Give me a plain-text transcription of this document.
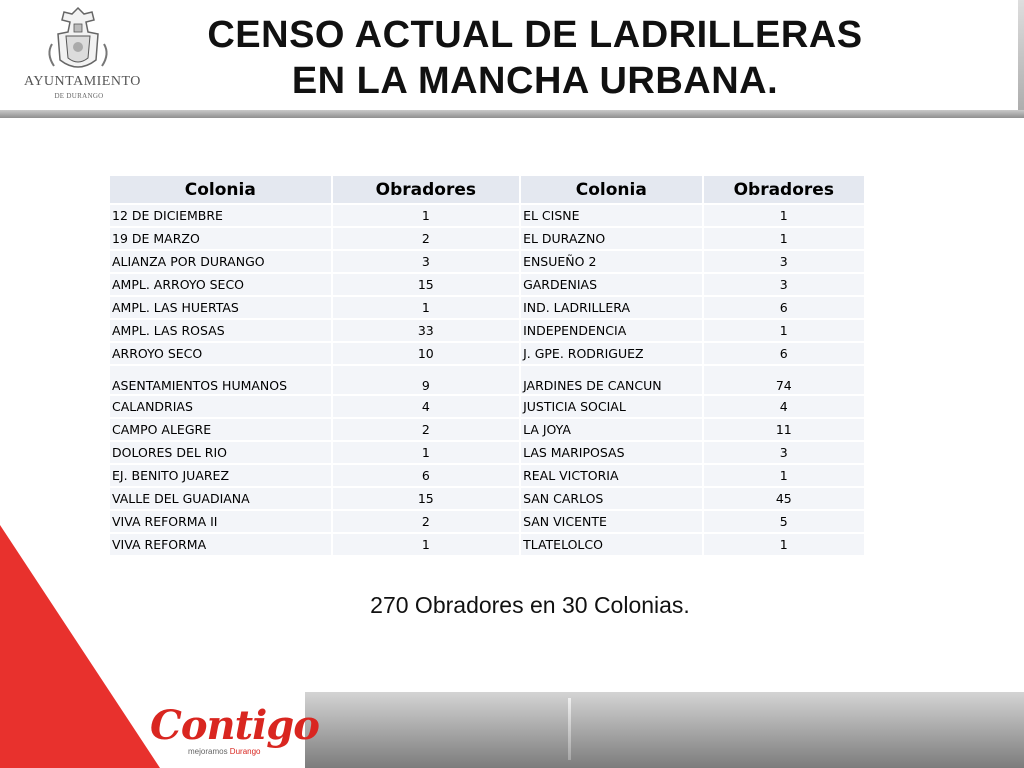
AYUNTAMIENTO
DE DURANGO
CENSO ACTUAL DE LADRILLERAS
EN LA MANCHA URBANA.
Colonia	Obradores	Colonia	Obradores
12 DE DICIEMBRE	1	EL CISNE	1
19 DE MARZO	2	EL DURAZNO	1
ALIANZA POR DURANGO	3	ENSUEÑO 2	3
AMPL. ARROYO SECO	15	GARDENIAS	3
AMPL. LAS HUERTAS	1	IND. LADRILLERA	6
AMPL. LAS ROSAS	33	INDEPENDENCIA	1
ARROYO SECO	10	J. GPE. RODRIGUEZ	6
ASENTAMIENTOS HUMANOS	9	JARDINES DE CANCUN	74
CALANDRIAS	4	JUSTICIA SOCIAL	4
CAMPO ALEGRE	2	LA JOYA	11
DOLORES DEL RIO	1	LAS MARIPOSAS	3
EJ. BENITO JUAREZ	6	REAL VICTORIA	1
VALLE DEL GUADIANA	15	SAN CARLOS	45
VIVA REFORMA II	2	SAN VICENTE	5
VIVA REFORMA	1	TLATELOLCO	1
270 Obradores en 30 Colonias.
Contigo
mejoramos Durango
